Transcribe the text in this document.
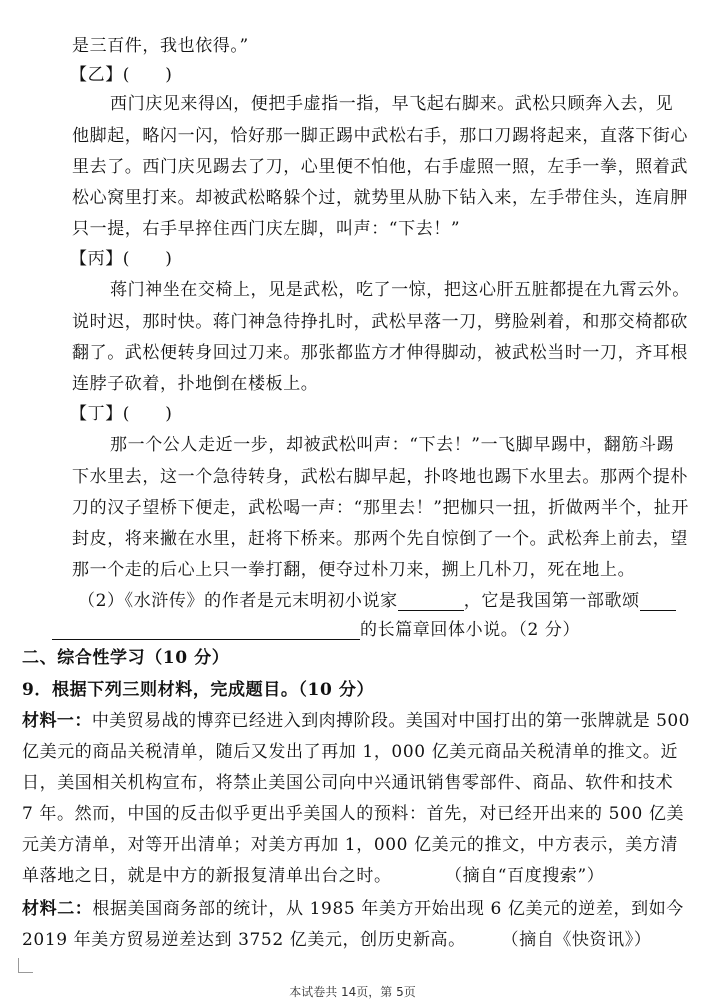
是三百件，我也依得。”
【乙】(　　)
西门庆见来得凶，便把手虚指一指，早飞起右脚来。武松只顾奔入去，见
他脚起，略闪一闪，恰好那一脚正踢中武松右手，那口刀踢将起来，直落下街心
里去了。西门庆见踢去了刀，心里便不怕他，右手虚照一照，左手一拳，照着武
松心窝里打来。却被武松略躲个过，就势里从胁下钻入来，左手带住头，连肩胛
只一提，右手早捽住西门庆左脚，叫声：“下去！”
【丙】(　　)
蒋门神坐在交椅上，见是武松，吃了一惊，把这心肝五脏都提在九霄云外。
说时迟，那时快。蒋门神急待挣扎时，武松早落一刀，劈脸剁着，和那交椅都砍
翻了。武松便转身回过刀来。那张都监方才伸得脚动，被武松当时一刀，齐耳根
连脖子砍着，扑地倒在楼板上。
【丁】(　　)
那一个公人走近一步，却被武松叫声：“下去！”一飞脚早踢中，翻筋斗踢
下水里去，这一个急待转身，武松右脚早起，扑咚地也踢下水里去。那两个提朴
刀的汉子望桥下便走，武松喝一声：“那里去！”把枷只一扭，折做两半个，扯开
封皮，将来撇在水里，赶将下桥来。那两个先自惊倒了一个。武松奔上前去，望
那一个走的后心上只一拳打翻，便夺过朴刀来，搠上几朴刀，死在地上。
（2）《水浒传》的作者是元末明初小说家	，它是我国第一部歌颂
的长篇章回体小说。（2 分）
二、综合性学习（10 分）
9．根据下列三则材料，完成题目。（10 分）
材料一：中美贸易战的博弈已经进入到肉搏阶段。美国对中国打出的第一张牌就是 500
亿美元的商品关税清单，随后又发出了再加 1，000 亿美元商品关税清单的推文。近
日，美国相关机构宣布，将禁止美国公司向中兴通讯销售零部件、商品、软件和技术
7 年。然而，中国的反击似乎更出乎美国人的预料：首先，对已经开出来的 500 亿美
元美方清单，对等开出清单；对美方再加 1，000 亿美元的推文，中方表示，美方清
单落地之日，就是中方的新报复清单出台之时。　　　　（摘自“百度搜索”）
材料二：根据美国商务部的统计，从 1985 年美方开始出现 6 亿美元的逆差，到如今
2019 年美方贸易逆差达到 3752 亿美元，创历史新高。　　　（摘自《快资讯》）
本试卷共 14页，第 5页
